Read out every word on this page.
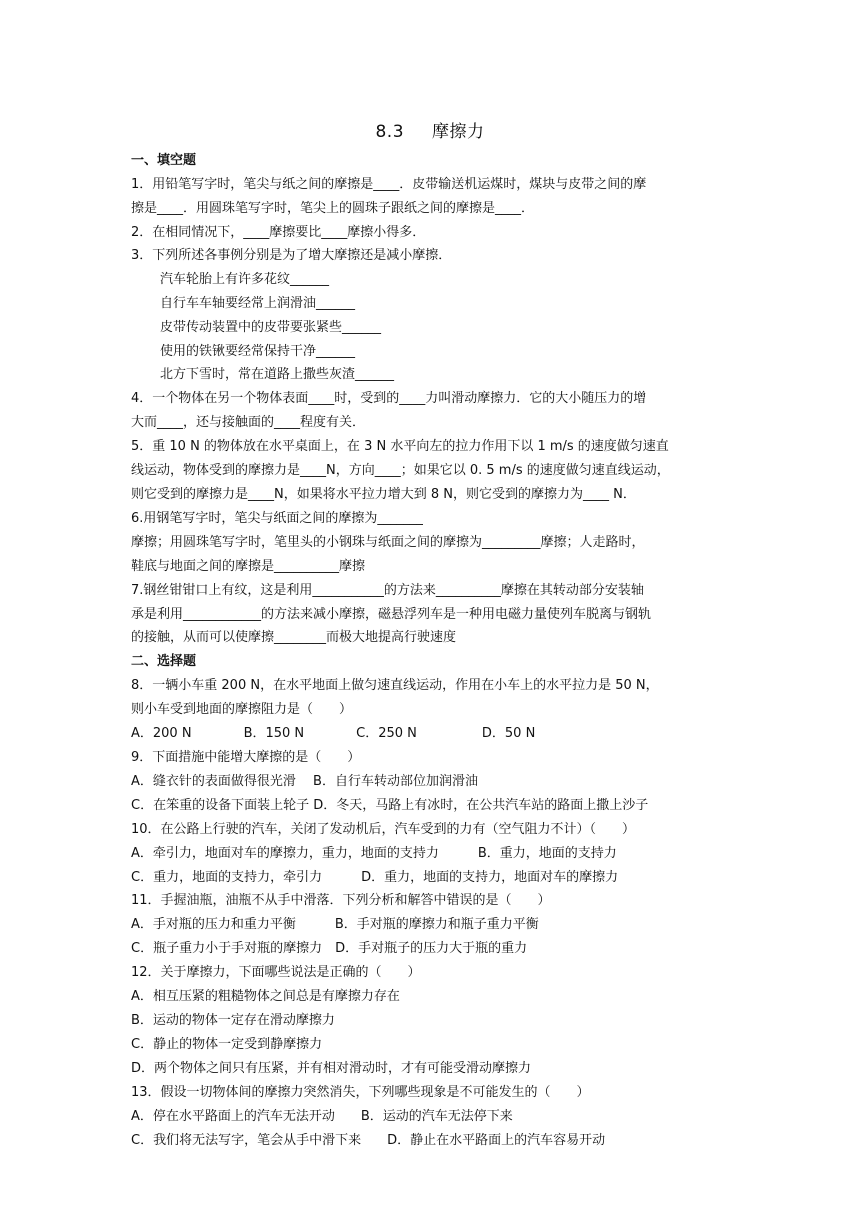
8.3 摩擦力
一、填空题
1．用铅笔写字时，笔尖与纸之间的摩擦是____．皮带输送机运煤时，煤块与皮带之间的摩
擦是____．用圆珠笔写字时，笔尖上的圆珠子跟纸之间的摩擦是____．
2．在相同情况下，____摩擦要比____摩擦小得多．
3．下列所述各事例分别是为了增大摩擦还是减小摩擦．
汽车轮胎上有许多花纹______
自行车车轴要经常上润滑油______
皮带传动装置中的皮带要张紧些______
使用的铁锹要经常保持干净______
北方下雪时，常在道路上撒些灰渣______
4．一个物体在另一个物体表面____时，受到的____力叫滑动摩擦力．它的大小随压力的增
大而____，还与接触面的____程度有关．
5．重 10 N 的物体放在水平桌面上，在 3 N 水平向左的拉力作用下以 1 m/s 的速度做匀速直
线运动，物体受到的摩擦力是____N，方向____；如果它以 0. 5 m/s 的速度做匀速直线运动，
则它受到的摩擦力是____N，如果将水平拉力增大到 8 N，则它受到的摩擦力为____ N．
6.用钢笔写字时，笔尖与纸面之间的摩擦为_______
摩擦；用圆珠笔写字时，笔里头的小钢珠与纸面之间的摩擦为_________摩擦；人走路时，
鞋底与地面之间的摩擦是__________摩擦
7.钢丝钳钳口上有纹，这是利用___________的方法来__________摩擦在其转动部分安装轴
承是利用____________的方法来减小摩擦，磁悬浮列车是一种用电磁力量使列车脱离与钢轨
的接触，从而可以使摩擦________而极大地提高行驶速度
二、选择题
8．一辆小车重 200 N，在水平地面上做匀速直线运动，作用在小车上的水平拉力是 50 N，
则小车受到地面的摩擦阻力是（　　）
A．200 N　　　　B．150 N　　　　C．250 N　　　　　D．50 N
9．下面措施中能增大摩擦的是（　　）
A．缝衣针的表面做得很光滑　 B．自行车转动部位加润滑油
C．在笨重的设备下面装上轮子 D．冬天，马路上有冰时，在公共汽车站的路面上撒上沙子
10．在公路上行驶的汽车，关闭了发动机后，汽车受到的力有（空气阻力不计）（　　）
A．牵引力，地面对车的摩擦力，重力，地面的支持力　　　B．重力，地面的支持力
C．重力，地面的支持力，牵引力　　　D．重力，地面的支持力，地面对车的摩擦力
11．手握油瓶，油瓶不从手中滑落．下列分析和解答中错误的是（　　）
A．手对瓶的压力和重力平衡　　　B．手对瓶的摩擦力和瓶子重力平衡
C．瓶子重力小于手对瓶的摩擦力　D．手对瓶子的压力大于瓶的重力
12．关于摩擦力，下面哪些说法是正确的（　　）
A．相互压紧的粗糙物体之间总是有摩擦力存在
B．运动的物体一定存在滑动摩擦力
C．静止的物体一定受到静摩擦力
D．两个物体之间只有压紧，并有相对滑动时，才有可能受滑动摩擦力
13．假设一切物体间的摩擦力突然消失，下列哪些现象是不可能发生的（　　）
A．停在水平路面上的汽车无法开动　　B．运动的汽车无法停下来
C．我们将无法写字，笔会从手中滑下来　　D．静止在水平路面上的汽车容易开动
